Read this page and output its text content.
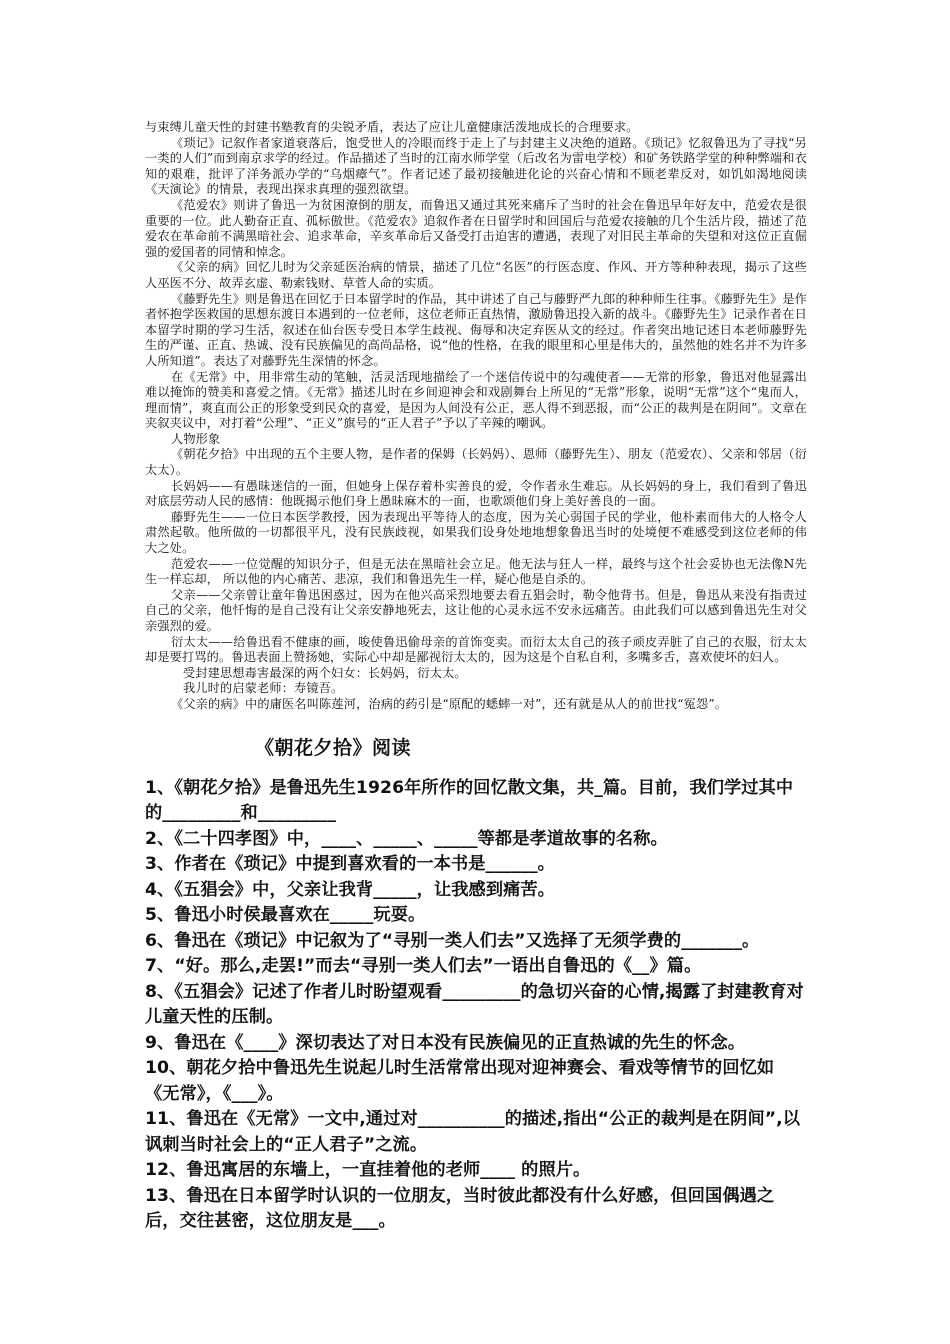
与束缚儿童天性的封建书塾教育的尖锐矛盾，表达了应让儿童健康活泼地成长的合理要求。

《琐记》记叙作者家道衰落后，饱受世人的冷眼而终于走上了与封建主义决绝的道路。《琐记》忆叙鲁迅为了寻找“另一类的人们”而到南京求学的经过。作品描述了当时的江南水师学堂（后改名为雷电学校）和矿务铁路学堂的种种弊端和衣知的艰难，批评了洋务派办学的“乌烟瘴气”。作者记述了最初接触进化论的兴奋心情和不顾老辈反对，如饥如渴地阅读《天演论》的情景，表现出探求真理的强烈欲望。

《范爱农》则讲了鲁迅一为贫困潦倒的朋友，而鲁迅又通过其死来痛斥了当时的社会在鲁迅早年好友中，范爱农是很重要的一位。此人勤奋正直、孤标傲世。《范爱农》追叙作者在日留学时和回国后与范爱农接触的几个生活片段，描述了范爱农在革命前不满黑暗社会、追求革命，辛亥革命后又备受打击迫害的遭遇，表现了对旧民主革命的失望和对这位正直倔强的爱国者的同情和悼念。

《父亲的病》回忆儿时为父亲延医治病的情景，描述了几位“名医”的行医态度、作风、开方等种种表现，揭示了这些人巫医不分、故弄玄虚、勒索钱财、草菅人命的实质。

《藤野先生》则是鲁迅在回忆于日本留学时的作品，其中讲述了自己与藤野严九郎的种种师生往事。《藤野先生》是作者怀抱学医救国的思想东渡日本遇到的一位老师，这位老师正直热情，激励鲁迅投入新的战斗。《藤野先生》记录作者在日本留学时期的学习生活，叙述在仙台医专受日本学生歧视、侮辱和决定弃医从文的经过。作者突出地记述日本老师藤野先生的严谨、正直、热诚、没有民族偏见的高尚品格，说“他的性格，在我的眼里和心里是伟大的，虽然他的姓名并不为许多人所知道”。表达了对藤野先生深情的怀念。

在《无常》中，用非常生动的笔触，活灵活现地描绘了一个迷信传说中的勾魂使者——无常的形象，鲁迅对他显露出难以掩饰的赞美和喜爱之情。《无常》描述儿时在乡间迎神会和戏剧舞台上所见的“无常”形象，说明“无常”这个“鬼而人，理而情”，爽直而公正的形象受到民众的喜爱，是因为人间没有公正，恶人得不到恶报，而“公正的裁判是在阴间”。文章在夹叙夹议中，对打着“公理”、“正义”旗号的“正人君子”予以了辛辣的嘲讽。

人物形象

《朝花夕拾》中出现的五个主要人物，是作者的保姆（长妈妈）、恩师（藤野先生）、朋友（范爱农）、父亲和邻居（衍太太）。

长妈妈——有愚昧迷信的一面，但她身上保存着朴实善良的爱，令作者永生难忘。从长妈妈的身上，我们看到了鲁迅对底层劳动人民的感情：他既揭示他们身上愚昧麻木的一面，也歌颂他们身上美好善良的一面。

藤野先生——一位日本医学教授，因为表现出平等待人的态度，因为关心弱国子民的学业，他朴素而伟大的人格令人肃然起敬。他所做的一切都很平凡，没有民族歧视，如果我们设身处地地想象鲁迅当时的处境便不难感受到这位老师的伟大之处。

范爱农——一位觉醒的知识分子，但是无法在黑暗社会立足。他无法与狂人一样，最终与这个社会妥协也无法像N先生一样忘却， 所以他的内心痛苦、悲凉，我们和鲁迅先生一样，疑心他是自杀的。

父亲——父亲曾让童年鲁迅困惑过，因为在他兴高采烈地要去看五猖会时，勒令他背书。但是，鲁迅从来没有指责过自己的父亲，他忏悔的是自己没有让父亲安静地死去，这让他的心灵永远不安永远痛苦。由此我们可以感到鲁迅先生对父亲强烈的爱。

衍太太——给鲁迅看不健康的画，唆使鲁迅偷母亲的首饰变卖。而衍太太自己的孩子顽皮弄脏了自己的衣服，衍太太却是要打骂的。鲁迅表面上赞扬她，实际心中却是鄙视衍太太的，因为这是个自私自利，多嘴多舌，喜欢使坏的妇人。

受封建思想毒害最深的两个妇女：长妈妈，衍太太。

我儿时的启蒙老师：寿镜吾。

《父亲的病》中的庸医名叫陈莲河，治病的药引是“原配的蟋蟀一对”，还有就是从人的前世找“冤怨”。

《朝花夕拾》阅读

1、《朝花夕拾》是鲁迅先生1926年所作的回忆散文集，共_篇。目前，我们学过其中的_________和_________

2、《二十四孝图》中，____、_____、_____等都是孝道故事的名称。

3、作者在《琐记》中提到喜欢看的一本书是______。

4、《五猖会》中，父亲让我背_____，让我感到痛苦。

5、鲁迅小时侯最喜欢在_____玩耍。

6、鲁迅在《琐记》中记叙为了“寻别一类人们去”又选择了无须学费的_______。

7、“好。那么,走罢!”而去“寻别一类人们去”一语出自鲁迅的《__》篇。

8、《五猖会》记述了作者儿时盼望观看_________的急切兴奋的心情,揭露了封建教育对儿童天性的压制。

9、鲁迅在《____》深切表达了对日本没有民族偏见的正直热诚的先生的怀念。

10、朝花夕拾中鲁迅先生说起儿时生活常常出现对迎神赛会、看戏等情节的回忆如《无常》，《___》。

11、鲁迅在《无常》一文中,通过对__________的描述,指出“公正的裁判是在阴间”,以讽刺当时社会上的“正人君子”之流。

12、鲁迅寓居的东墙上，一直挂着他的老师____ 的照片。

13、鲁迅在日本留学时认识的一位朋友，当时彼此都没有什么好感，但回国偶遇之后，交往甚密，这位朋友是___。
